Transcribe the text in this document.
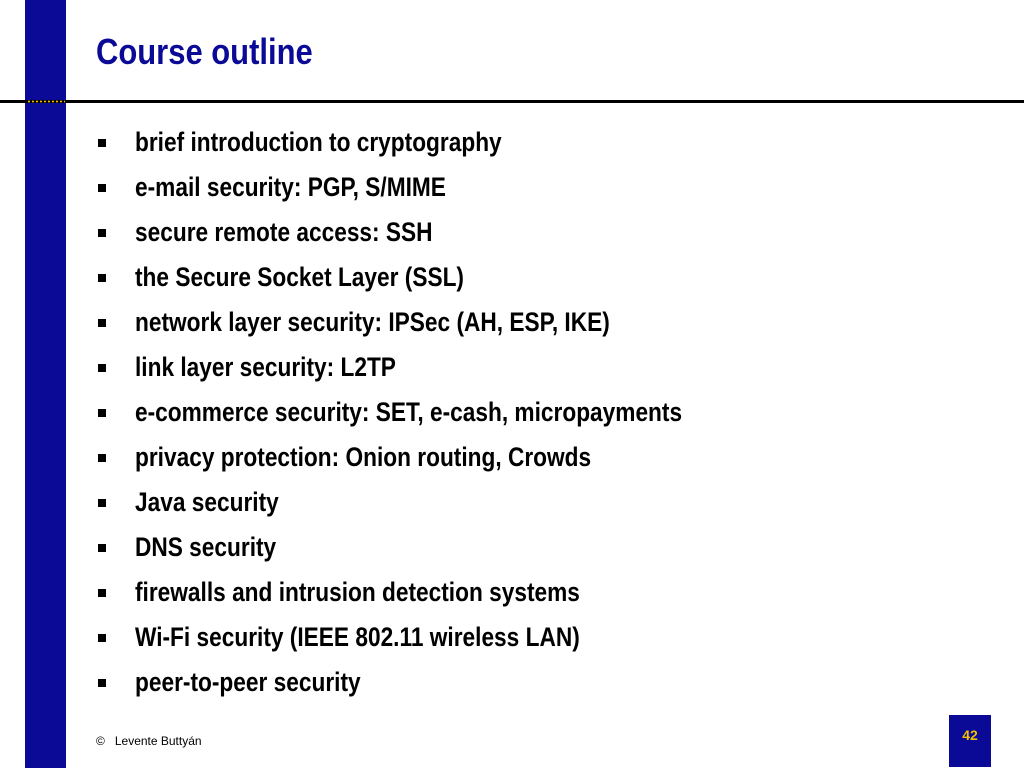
Course outline
brief introduction to cryptography
e-mail security: PGP, S/MIME
secure remote access: SSH
the Secure Socket Layer (SSL)
network layer security: IPSec (AH, ESP, IKE)
link layer security: L2TP
e-commerce security: SET, e-cash, micropayments
privacy protection: Onion routing, Crowds
Java security
DNS security
firewalls and intrusion detection systems
Wi-Fi security (IEEE 802.11 wireless LAN)
peer-to-peer security
© Levente Buttyán	42
